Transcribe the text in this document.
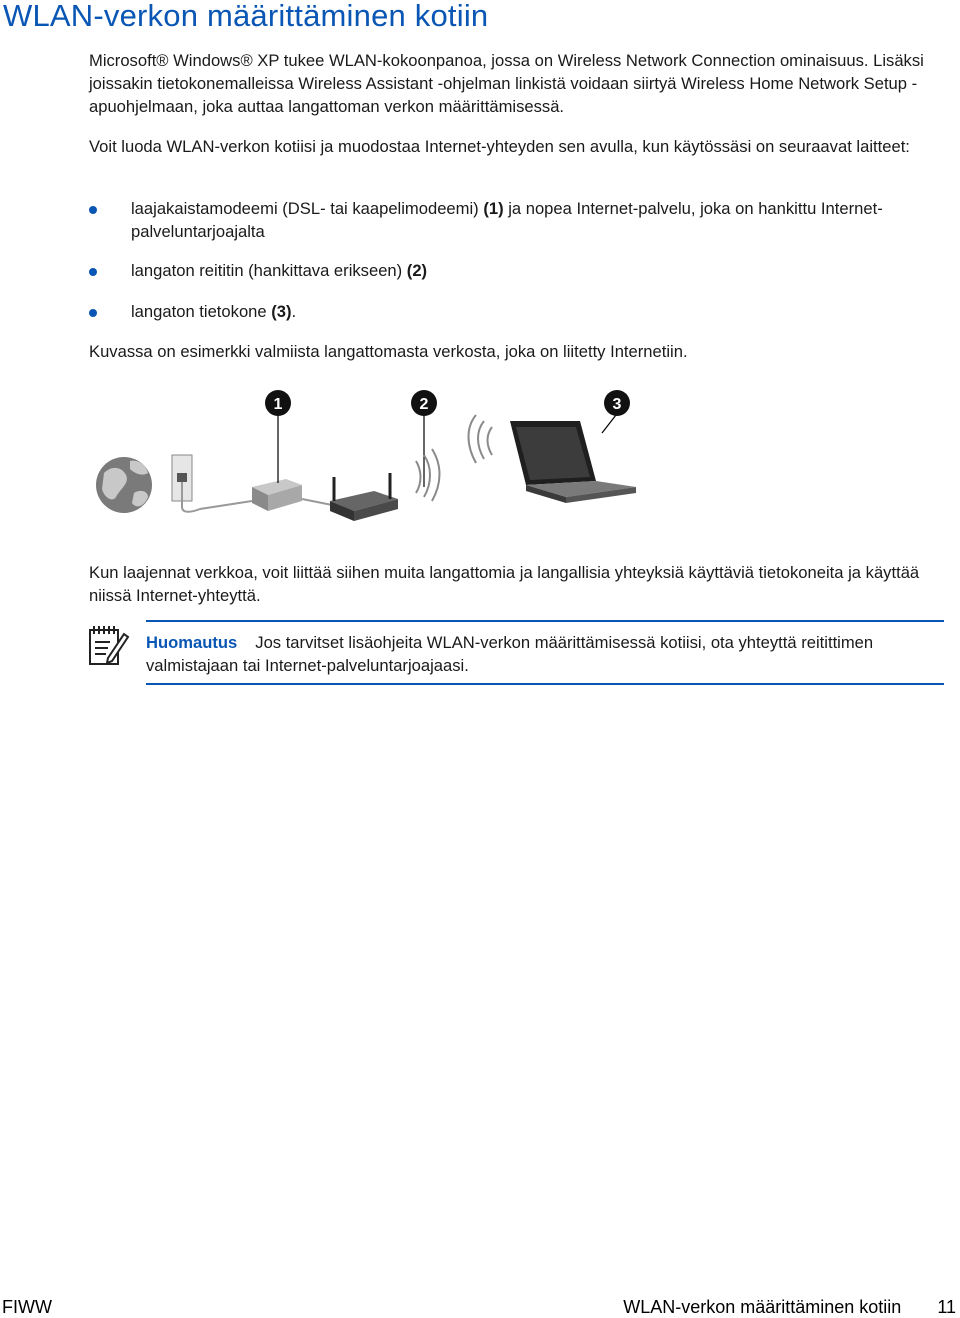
WLAN-verkon määrittäminen kotiin

Microsoft® Windows® XP tukee WLAN-kokoonpanoa, jossa on Wireless Network Connection ominaisuus. Lisäksi joissakin tietokonemalleissa Wireless Assistant -ohjelman linkistä voidaan siirtyä Wireless Home Network Setup -apuohjelmaan, joka auttaa langattoman verkon määrittämisessä.

Voit luoda WLAN-verkon kotiisi ja muodostaa Internet-yhteyden sen avulla, kun käytössäsi on seuraavat laitteet:

laajakaistamodeemi (DSL- tai kaapelimodeemi) (1) ja nopea Internet-palvelu, joka on hankittu Internet-palveluntarjoajalta
langaton reititin (hankittava erikseen) (2)
langaton tietokone (3).

Kuvassa on esimerkki valmiista langattomasta verkosta, joka on liitetty Internetiin.

1	2	3

Kun laajennat verkkoa, voit liittää siihen muita langattomia ja langallisia yhteyksiä käyttäviä tietokoneita ja käyttää niissä Internet-yhteyttä.

Huomautus Jos tarvitset lisäohjeita WLAN-verkon määrittämisessä kotiisi, ota yhteyttä reitittimen valmistajaan tai Internet-palveluntarjoajaasi.

FIWW	WLAN-verkon määrittäminen kotiin 11
